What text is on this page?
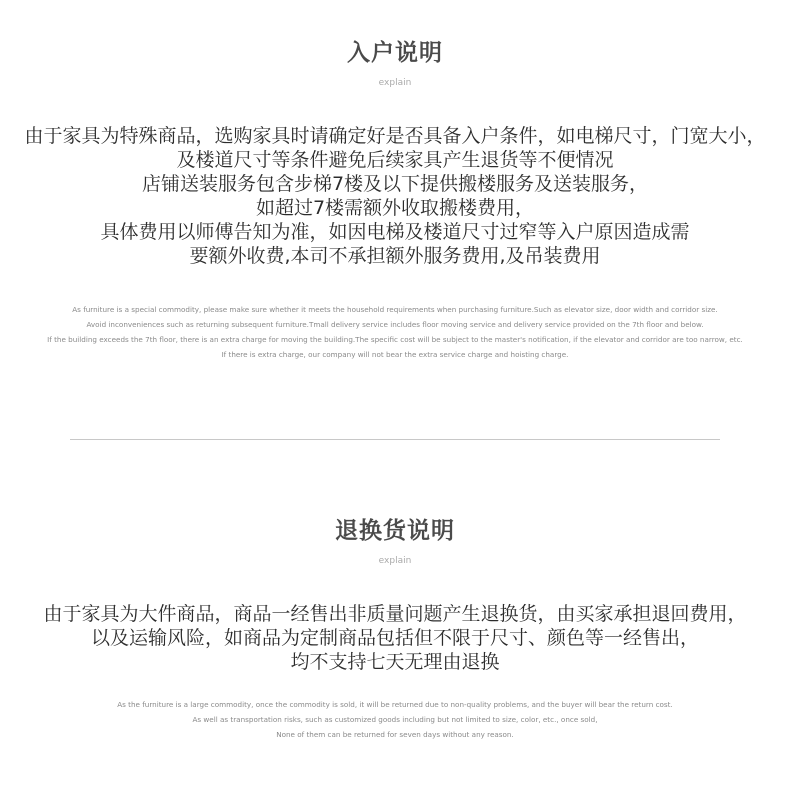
入户说明
explain
由于家具为特殊商品，选购家具时请确定好是否具备入户条件，如电梯尺寸，门宽大小，
及楼道尺寸等条件避免后续家具产生退货等不便情况
店铺送装服务包含步梯7楼及以下提供搬楼服务及送装服务，
如超过7楼需额外收取搬楼费用，
具体费用以师傅告知为准，如因电梯及楼道尺寸过窄等入户原因造成需
要额外收费,本司不承担额外服务费用,及吊装费用
As furniture is a special commodity, please make sure whether it meets the household requirements when purchasing furniture.Such as elevator size, door width and corridor size.
Avoid inconveniences such as returning subsequent furniture.Tmall delivery service includes floor moving service and delivery service provided on the 7th floor and below.
If the building exceeds the 7th floor, there is an extra charge for moving the building.The specific cost will be subject to the master's notification, if the elevator and corridor are too narrow, etc.
If there is extra charge, our company will not bear the extra service charge and hoisting charge.
退换货说明
explain
由于家具为大件商品，商品一经售出非质量问题产生退换货，由买家承担退回费用，
以及运输风险，如商品为定制商品包括但不限于尺寸、颜色等一经售出，
均不支持七天无理由退换
As the furniture is a large commodity, once the commodity is sold, it will be returned due to non-quality problems, and the buyer will bear the return cost.
As well as transportation risks, such as customized goods including but not limited to size, color, etc., once sold,
None of them can be returned for seven days without any reason.
